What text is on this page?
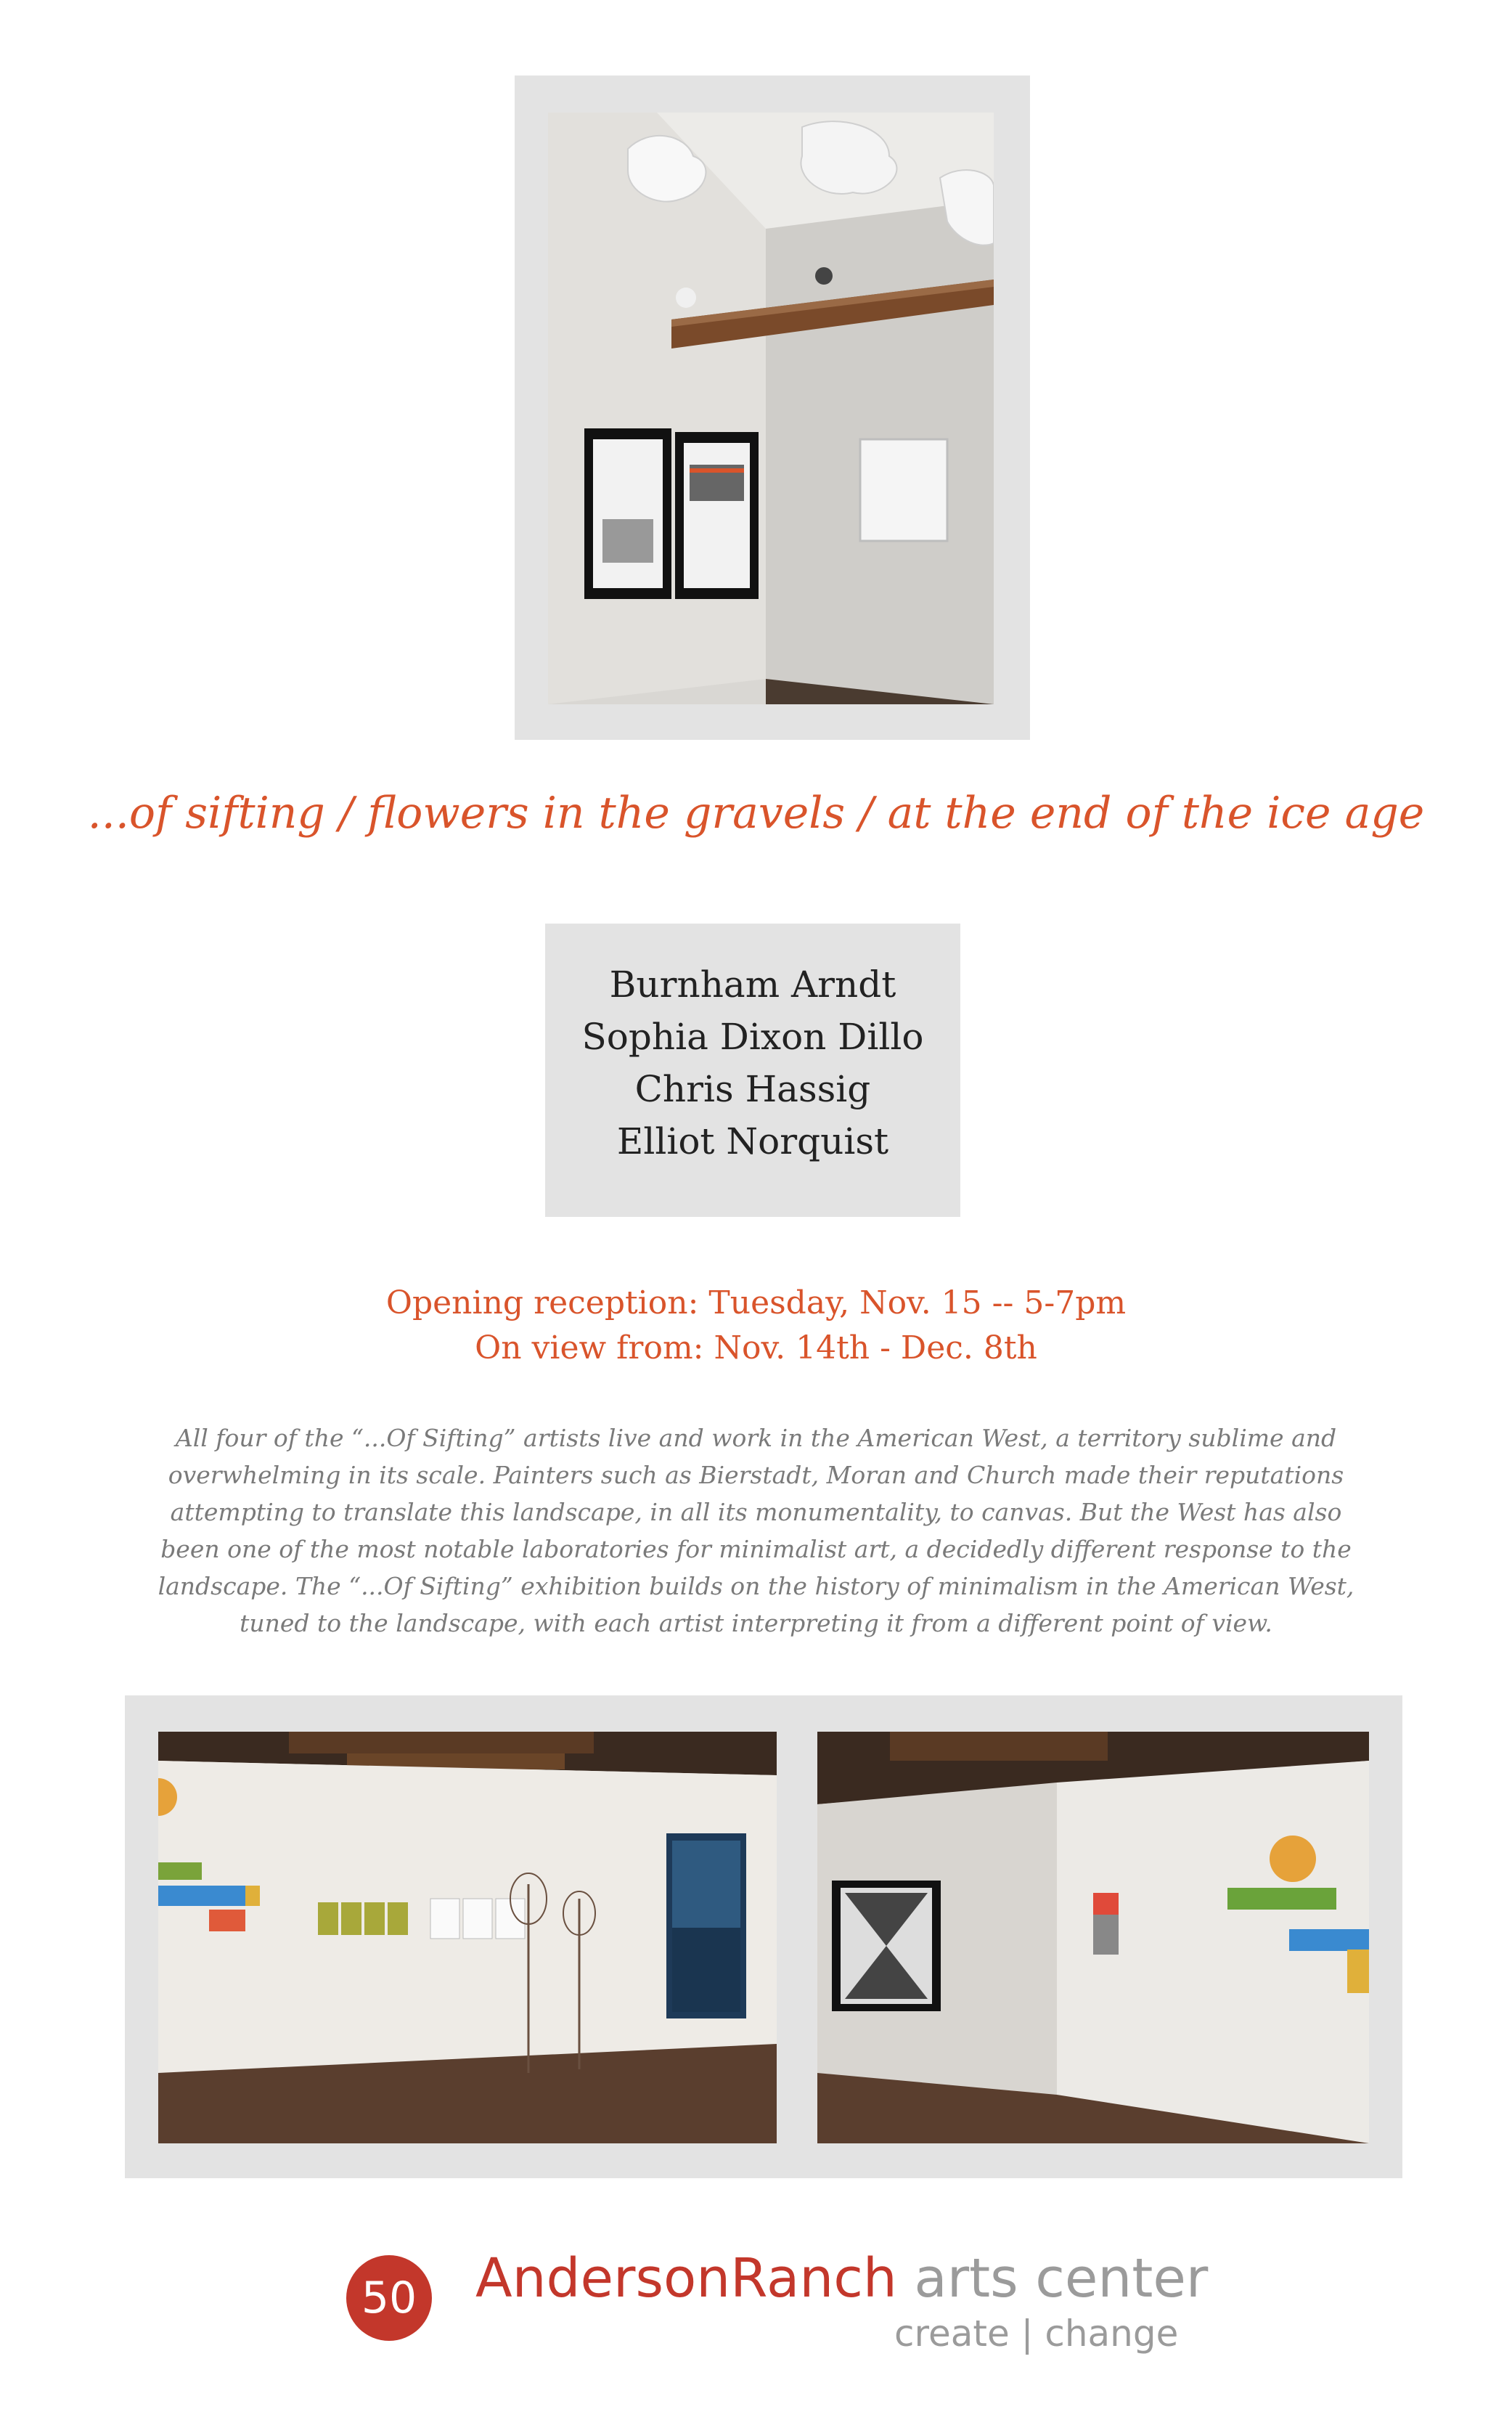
...of sifting / flowers in the gravels / at the end of the ice age
Burnham Arndt
Sophia Dixon Dillo
Chris Hassig
Elliot Norquist
Opening reception: Tuesday, Nov. 15 -- 5-7pm
On view from: Nov. 14th - Dec. 8th
All four of the “...Of Sifting” artists live and work in the American West, a territory sublime and overwhelming in its scale. Painters such as Bierstadt, Moran and Church made their reputations attempting to translate this landscape, in all its monumentality, to canvas. But the West has also been one of the most notable laboratories for minimalist art, a decidedly different response to the landscape. The “...Of Sifting” exhibition builds on the history of minimalism in the American West, tuned to the landscape, with each artist interpreting it from a different point of view.
50 AndersonRanch arts center
create | change
